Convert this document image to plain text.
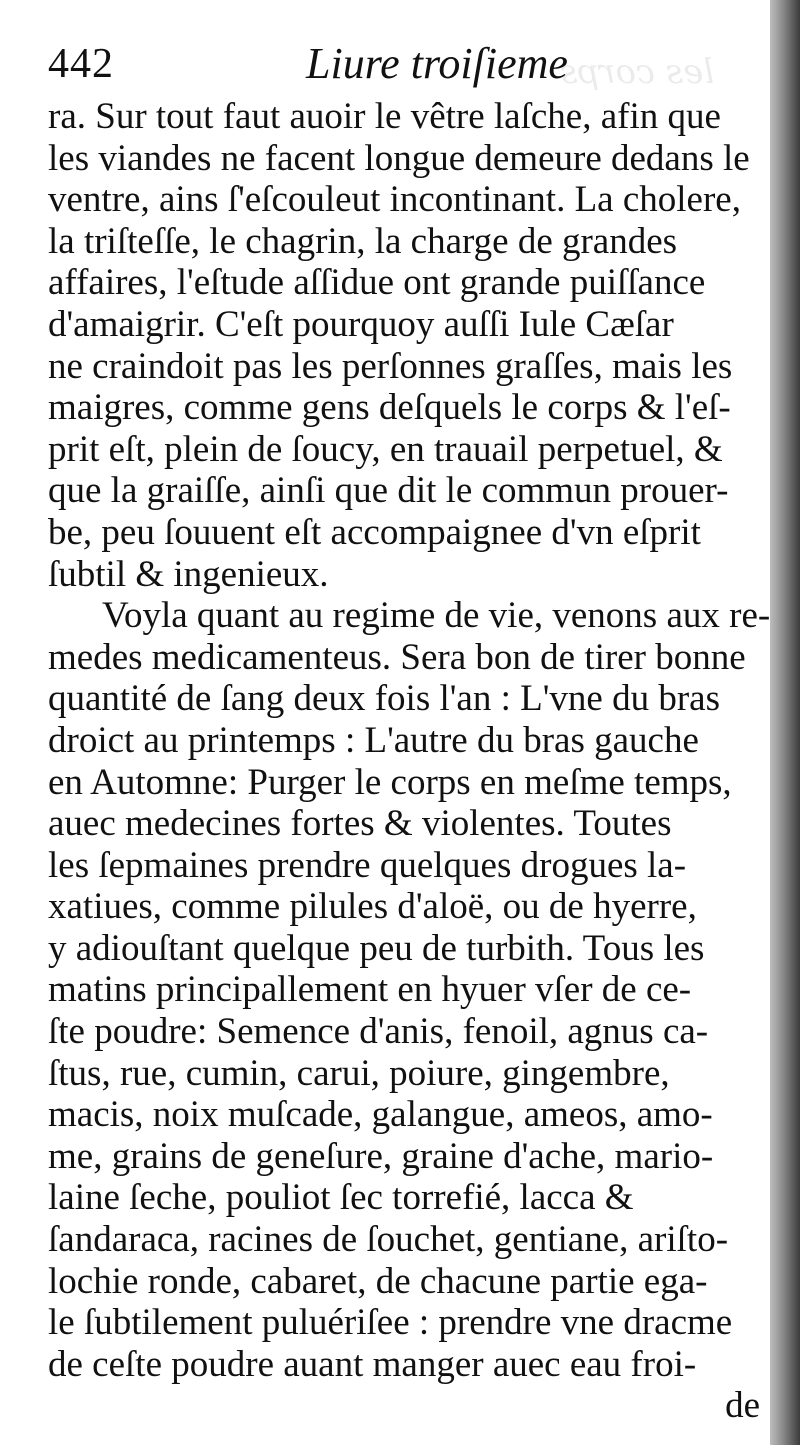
les corps
442	Liure troiſieme
ra. Sur tout faut auoir le vêtre laſche, afin que
les viandes ne facent longue demeure dedans le
ventre, ains ſ'eſcouleut incontinant. La cholere,
la triſteſſe, le chagrin, la charge de grandes
affaires, l'eſtude aſſidue ont grande puiſſance
d'amaigrir. C'eſt pourquoy auſſi Iule Cæſar
ne craindoit pas les perſonnes graſſes, mais les
maigres, comme gens deſquels le corps & l'eſ-
prit eſt, plein de ſoucy, en trauail perpetuel, &
que la graiſſe, ainſi que dit le commun prouer-
be, peu ſouuent eſt accompaignee d'vn eſprit
ſubtil & ingenieux.
Voyla quant au regime de vie, venons aux re-
medes medicamenteus. Sera bon de tirer bonne
quantité de ſang deux fois l'an : L'vne du bras
droict au printemps : L'autre du bras gauche
en Automne: Purger le corps en meſme temps,
auec medecines fortes & violentes. Toutes
les ſepmaines prendre quelques drogues la-
xatiues, comme pilules d'aloë, ou de hyerre,
y adiouſtant quelque peu de turbith. Tous les
matins principallement en hyuer vſer de ce-
ſte poudre: Semence d'anis, fenoil, agnus ca-
ſtus, rue, cumin, carui, poiure, gingembre,
macis, noix muſcade, galangue, ameos, amo-
me, grains de geneſure, graine d'ache, mario-
laine ſeche, pouliot ſec torrefié, lacca &
ſandaraca, racines de ſouchet, gentiane, ariſto-
lochie ronde, cabaret, de chacune partie ega-
le ſubtilement puluériſee : prendre vne dracme
de ceſte poudre auant manger auec eau froi-
de
